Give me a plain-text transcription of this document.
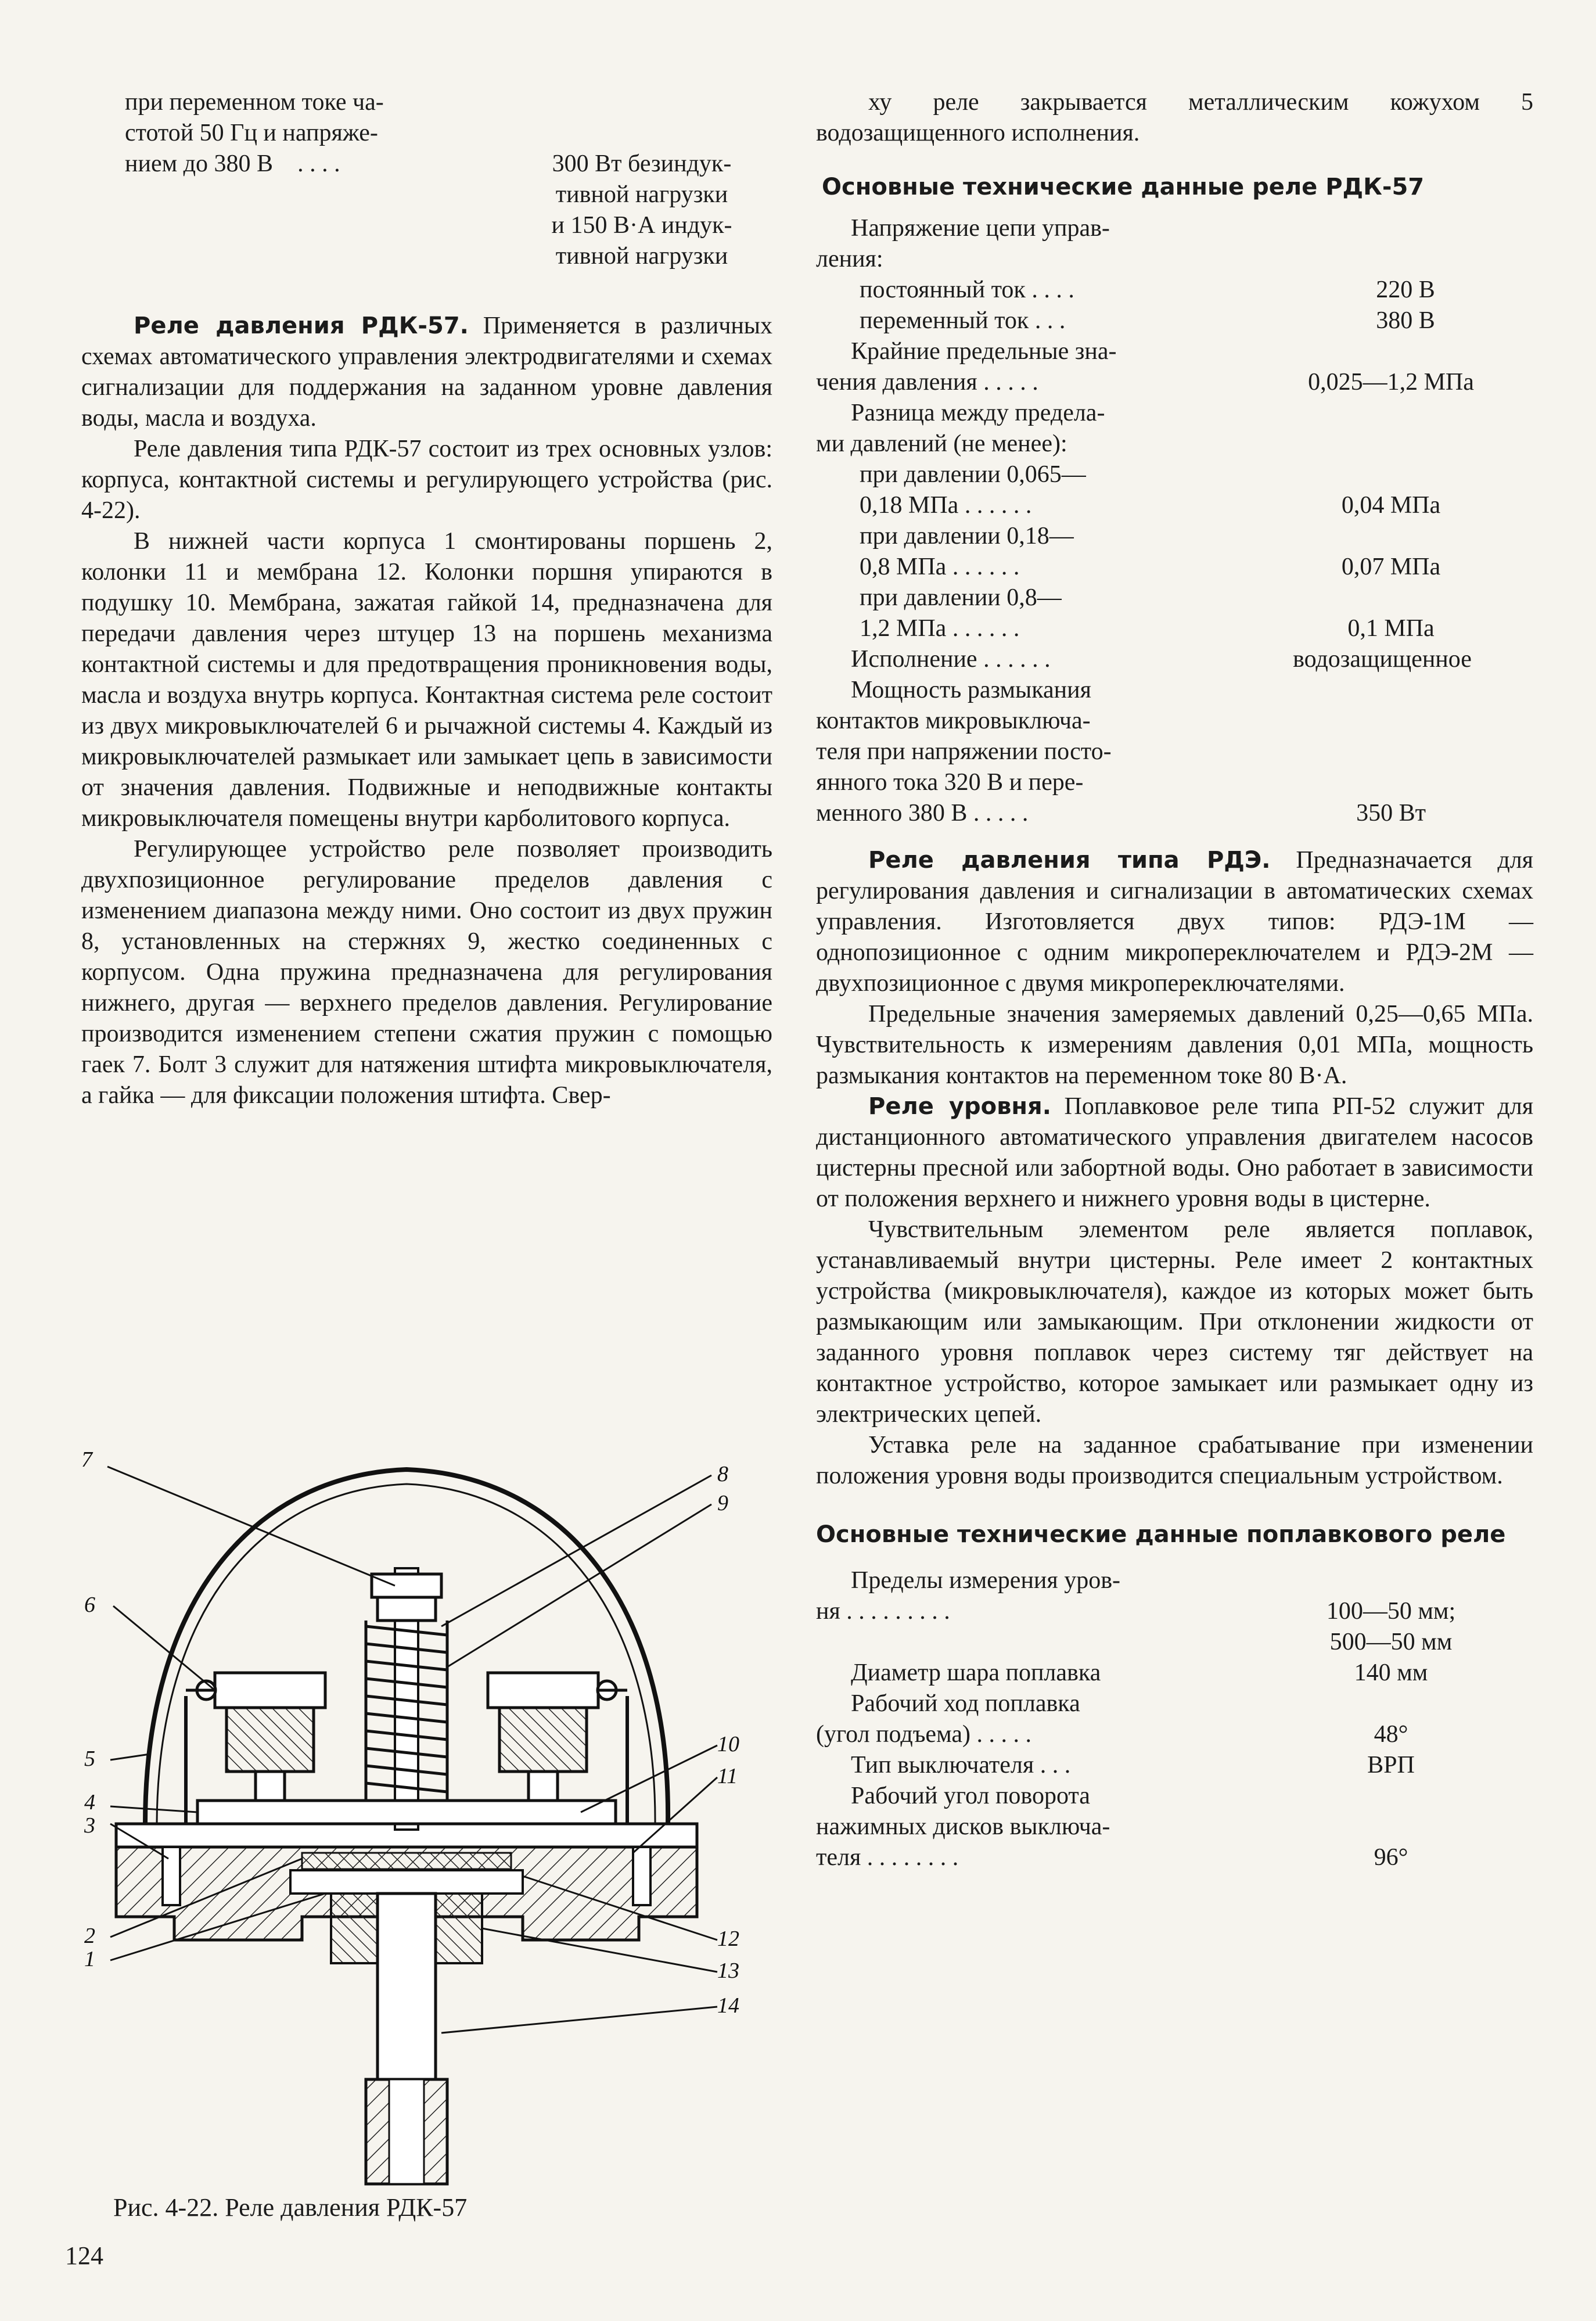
при переменном токе ча-
стотой 50 Гц и напряже-
нием до 380 В . . . .	300 Вт безиндук-
тивной нагрузки
и 150 В·А индук-
тивной нагрузки

Реле давления РДК-57. Применяется в различных схемах автоматического управления электродвигателями и схемах сигнализации для поддержания на заданном уровне давления воды, масла и воздуха.

Реле давления типа РДК-57 состоит из трех основных узлов: корпуса, контактной системы и регулирующего устройства (рис. 4-22).

В нижней части корпуса 1 смонтированы поршень 2, колонки 11 и мембрана 12. Колонки поршня упираются в подушку 10. Мембрана, зажатая гайкой 14, предназначена для передачи давления через штуцер 13 на поршень механизма контактной системы и для предотвращения проникновения воды, масла и воздуха внутрь корпуса. Контактная система реле состоит из двух микровыключателей 6 и рычажной системы 4. Каждый из микровыключателей размыкает или замыкает цепь в зависимости от значения давления. Подвижные и неподвижные контакты микровыключателя помещены внутри карболитового корпуса.

Регулирующее устройство реле позволяет производить двухпозиционное регулирование пределов давления с изменением диапазона между ними. Оно состоит из двух пружин 8, установленных на стержнях 9, жестко соединенных с корпусом. Одна пружина предназначена для регулирования нижнего, другая — верхнего пределов давления. Регулирование производится изменением степени сжатия пружин с помощью гаек 7. Болт 3 служит для натяжения штифта микровыключателя, а гайка — для фиксации положения штифта. Свер-

7
8
9
6
10
5
11
4
3
2	12
1	13
14
Рис. 4-22. Реле давления РДК-57
124

ху реле закрывается металлическим кожухом 5 водозащищенного исполнения.

Основные технические данные реле РДК-57
Напряжение цепи управ-
ления:
постоянный ток . . . .	220 В
переменный ток . . .	380 В
Крайние предельные зна-
чения давления . . . . .	0,025—1,2 МПа
Разница между предела-
ми давлений (не менее):
при давлении 0,065—
0,18 МПа . . . . . .	0,04 МПа
при давлении 0,18—
0,8 МПа . . . . . .	0,07 МПа
при давлении 0,8—
1,2 МПа . . . . . .	0,1 МПа
Исполнение . . . . . .	водозащищенное
Мощность размыкания
контактов микровыключа-
теля при напряжении посто-
янного тока 320 В и пере-
менного 380 В . . . . .	350 Вт

Реле давления типа РДЭ. Предназначается для регулирования давления и сигнализации в автоматических схемах управления. Изготовляется двух типов: РДЭ-1М — однопозиционное с одним микропереключателем и РДЭ-2М — двухпозиционное с двумя микропереключателями.

Предельные значения замеряемых давлений 0,25—0,65 МПа. Чувствительность к измерениям давления 0,01 МПа, мощность размыкания контактов на переменном токе 80 В·А.

Реле уровня. Поплавковое реле типа РП-52 служит для дистанционного автоматического управления двигателем насосов цистерны пресной или забортной воды. Оно работает в зависимости от положения верхнего и нижнего уровня воды в цистерне.

Чувствительным элементом реле является поплавок, устанавливаемый внутри цистерны. Реле имеет 2 контактных устройства (микровыключателя), каждое из которых может быть размыкающим или замыкающим. При отклонении жидкости от заданного уровня поплавок через систему тяг действует на контактное устройство, которое замыкает или размыкает одну из электрических цепей.

Уставка реле на заданное срабатывание при изменении положения уровня воды производится специальным устройством.

Основные технические данные поплавкового реле
Пределы измерения уров-
ня . . . . . . . . .	100—50 мм;
500—50 мм
Диаметр шара поплавка	140 мм
Рабочий ход поплавка
(угол подъема) . . . . .	48°
Тип выключателя . . .	ВРП
Рабочий угол поворота
нажимных дисков выключа-
теля . . . . . . . .	96°
